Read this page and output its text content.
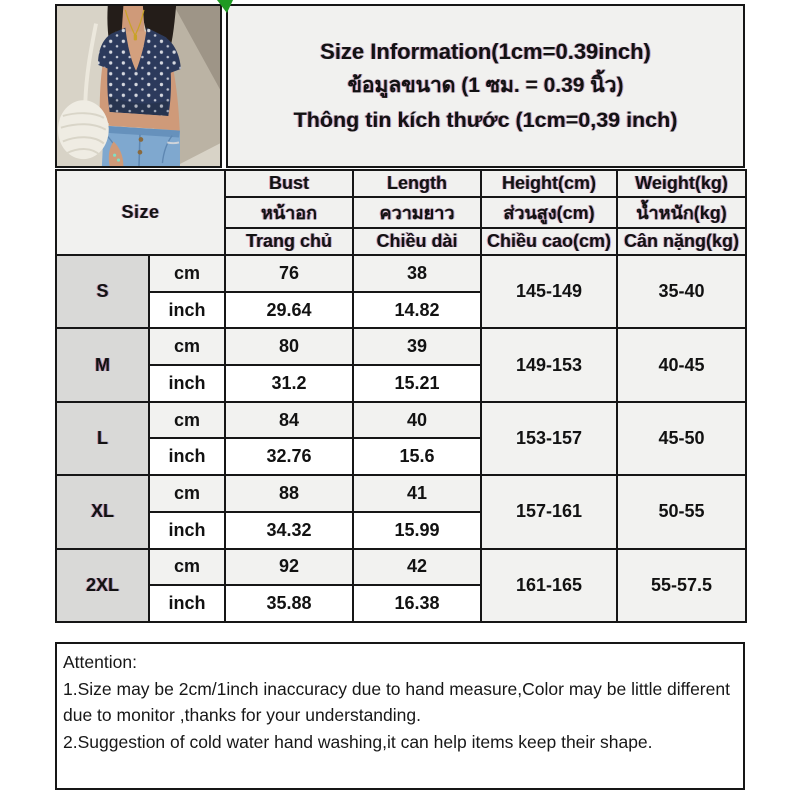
Size Information(1cm=0.39inch)
ข้อมูลขนาด (1 ซม. = 0.39 นิ้ว)
Thông tin kích thước (1cm=0,39 inch)
Size		Bust	Length	Height(cm)	Weight(kg)
		หน้าอก	ความยาว	ส่วนสูง(cm)	น้ำหนัก(kg)
		Trang chủ	Chiều dài	Chiều cao(cm)	Cân nặng(kg)
S	cm	76	38	145-149	35-40
	inch	29.64	14.82		
M	cm	80	39	149-153	40-45
	inch	31.2	15.21		
L	cm	84	40	153-157	45-50
	inch	32.76	15.6		
XL	cm	88	41	157-161	50-55
	inch	34.32	15.99		
2XL	cm	92	42	161-165	55-57.5
	inch	35.88	16.38		

Attention:

1.Size may be 2cm/1inch inaccuracy due to hand measure,Color may be little different due to monitor ,thanks for your understanding.

2.Suggestion of cold water hand washing,it can help items keep their shape.
